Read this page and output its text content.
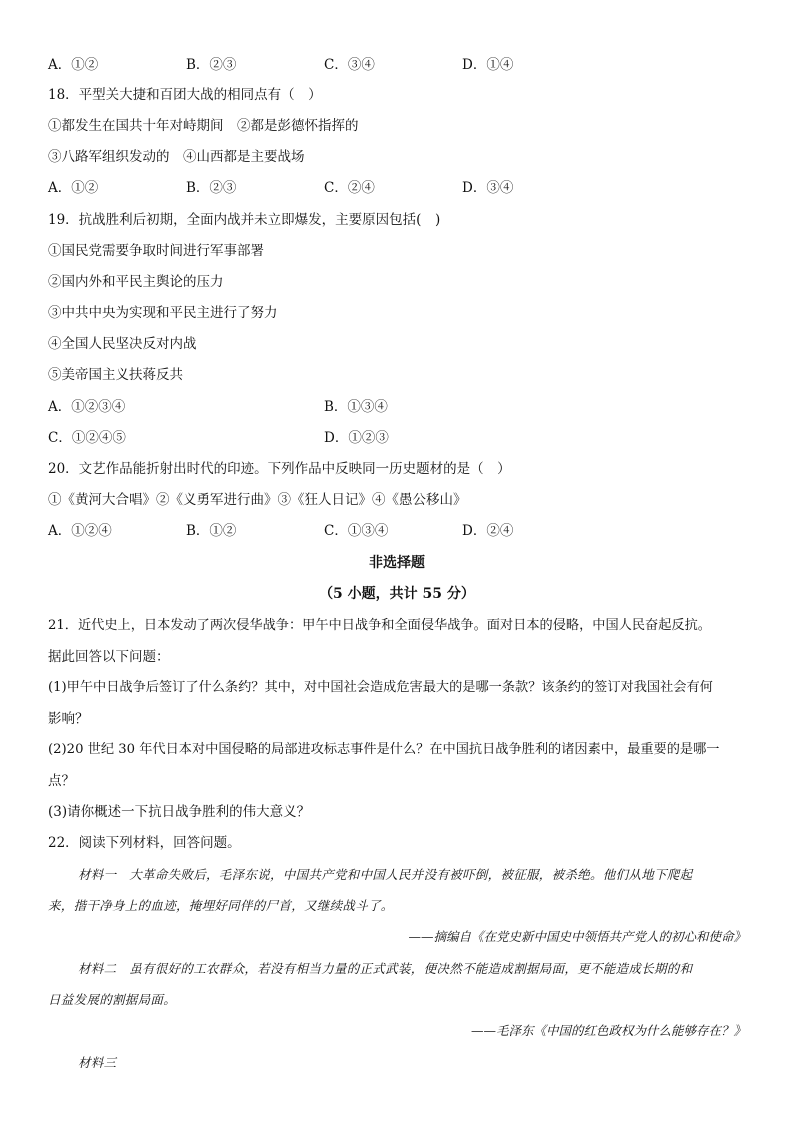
A．①②	B．②③	C．③④	D．①④
18．平型关大捷和百团大战的相同点有（　）
①都发生在国共十年对峙期间　②都是彭德怀指挥的
③八路军组织发动的　④山西都是主要战场
A．①②	B．②③	C．②④	D．③④
19．抗战胜利后初期，全面内战并未立即爆发，主要原因包括(　)
①国民党需要争取时间进行军事部署
②国内外和平民主舆论的压力
③中共中央为实现和平民主进行了努力
④全国人民坚决反对内战
⑤美帝国主义扶蒋反共
A．①②③④	B．①③④
C．①②④⑤	D．①②③
20．文艺作品能折射出时代的印迹。下列作品中反映同一历史题材的是（　）
①《黄河大合唱》②《义勇军进行曲》③《狂人日记》④《愚公移山》
A．①②④	B．①②	C．①③④	D．②④
非选择题
（5 小题，共计 55 分）
21．近代史上，日本发动了两次侵华战争：甲午中日战争和全面侵华战争。面对日本的侵略，中国人民奋起反抗。
据此回答以下问题：
(1)甲午中日战争后签订了什么条约？其中，对中国社会造成危害最大的是哪一条款？该条约的签订对我国社会有何
影响？
(2)20 世纪 30 年代日本对中国侵略的局部进攻标志事件是什么？在中国抗日战争胜利的诸因素中，最重要的是哪一
点？
(3)请你概述一下抗日战争胜利的伟大意义？
22．阅读下列材料，回答问题。
材料一　大革命失败后，毛泽东说，中国共产党和中国人民并没有被吓倒，被征服，被杀绝。他们从地下爬起
来，揩干净身上的血迹，掩埋好同伴的尸首，又继续战斗了。
——摘编自《在党史新中国史中领悟共产党人的初心和使命》
材料二　虽有很好的工农群众，若没有相当力量的正式武装，便决然不能造成割据局面，更不能造成长期的和
日益发展的割据局面。
——毛泽东《中国的红色政权为什么能够存在？》
材料三
